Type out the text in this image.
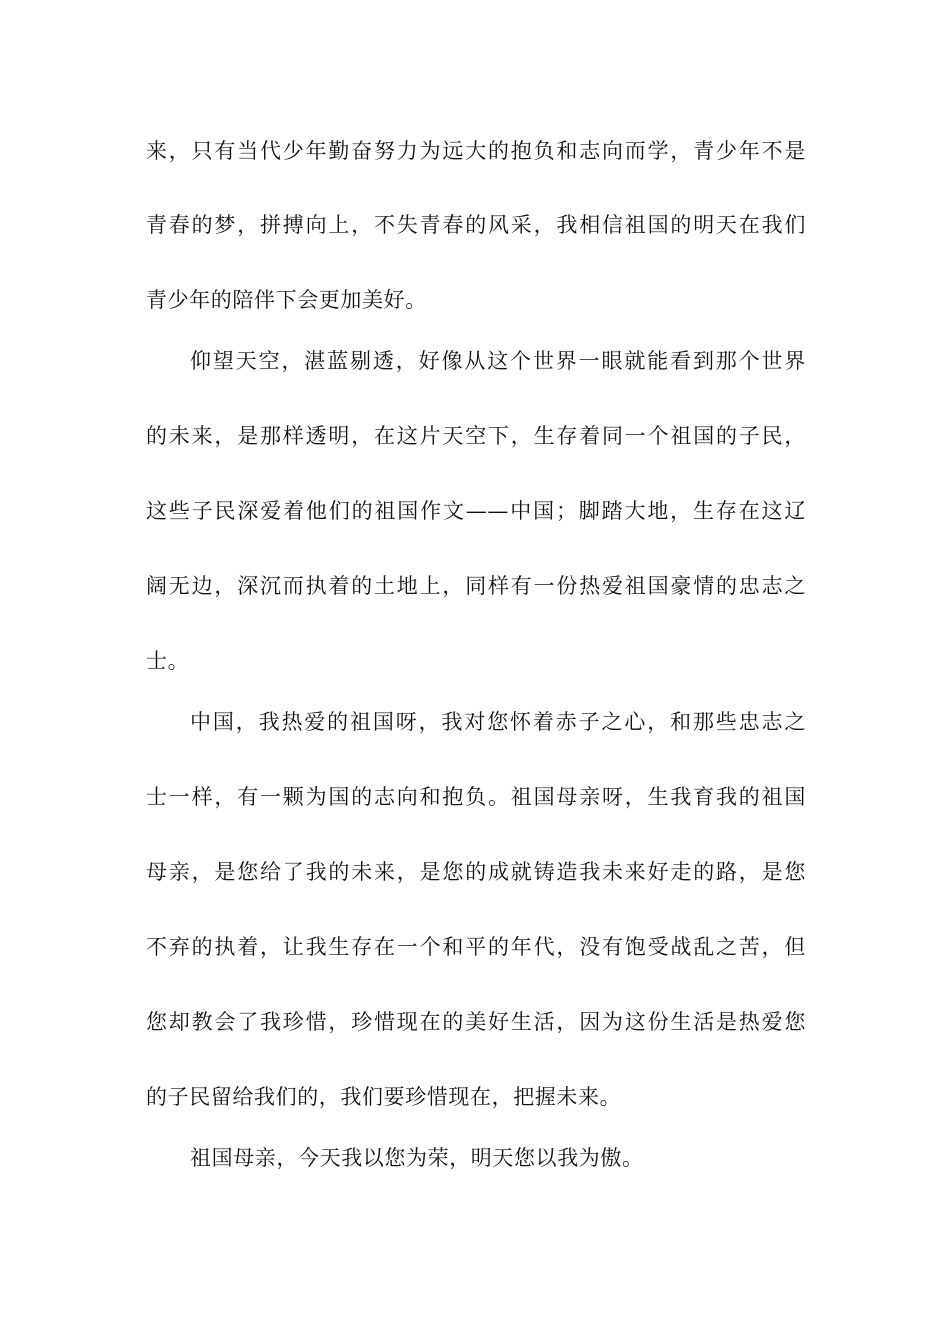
来，只有当代少年勤奋努力为远大的抱负和志向而学，青少年不是
青春的梦，拼搏向上，不失青春的风采，我相信祖国的明天在我们
青少年的陪伴下会更加美好。
仰望天空，湛蓝剔透，好像从这个世界一眼就能看到那个世界
的未来，是那样透明，在这片天空下，生存着同一个祖国的子民，
这些子民深爱着他们的祖国作文——中国；脚踏大地，生存在这辽
阔无边，深沉而执着的土地上，同样有一份热爱祖国豪情的忠志之
士。
中国，我热爱的祖国呀，我对您怀着赤子之心，和那些忠志之
士一样，有一颗为国的志向和抱负。祖国母亲呀，生我育我的祖国
母亲，是您给了我的未来，是您的成就铸造我未来好走的路，是您
不弃的执着，让我生存在一个和平的年代，没有饱受战乱之苦，但
您却教会了我珍惜，珍惜现在的美好生活，因为这份生活是热爱您
的子民留给我们的，我们要珍惜现在，把握未来。
祖国母亲，今天我以您为荣，明天您以我为傲。
